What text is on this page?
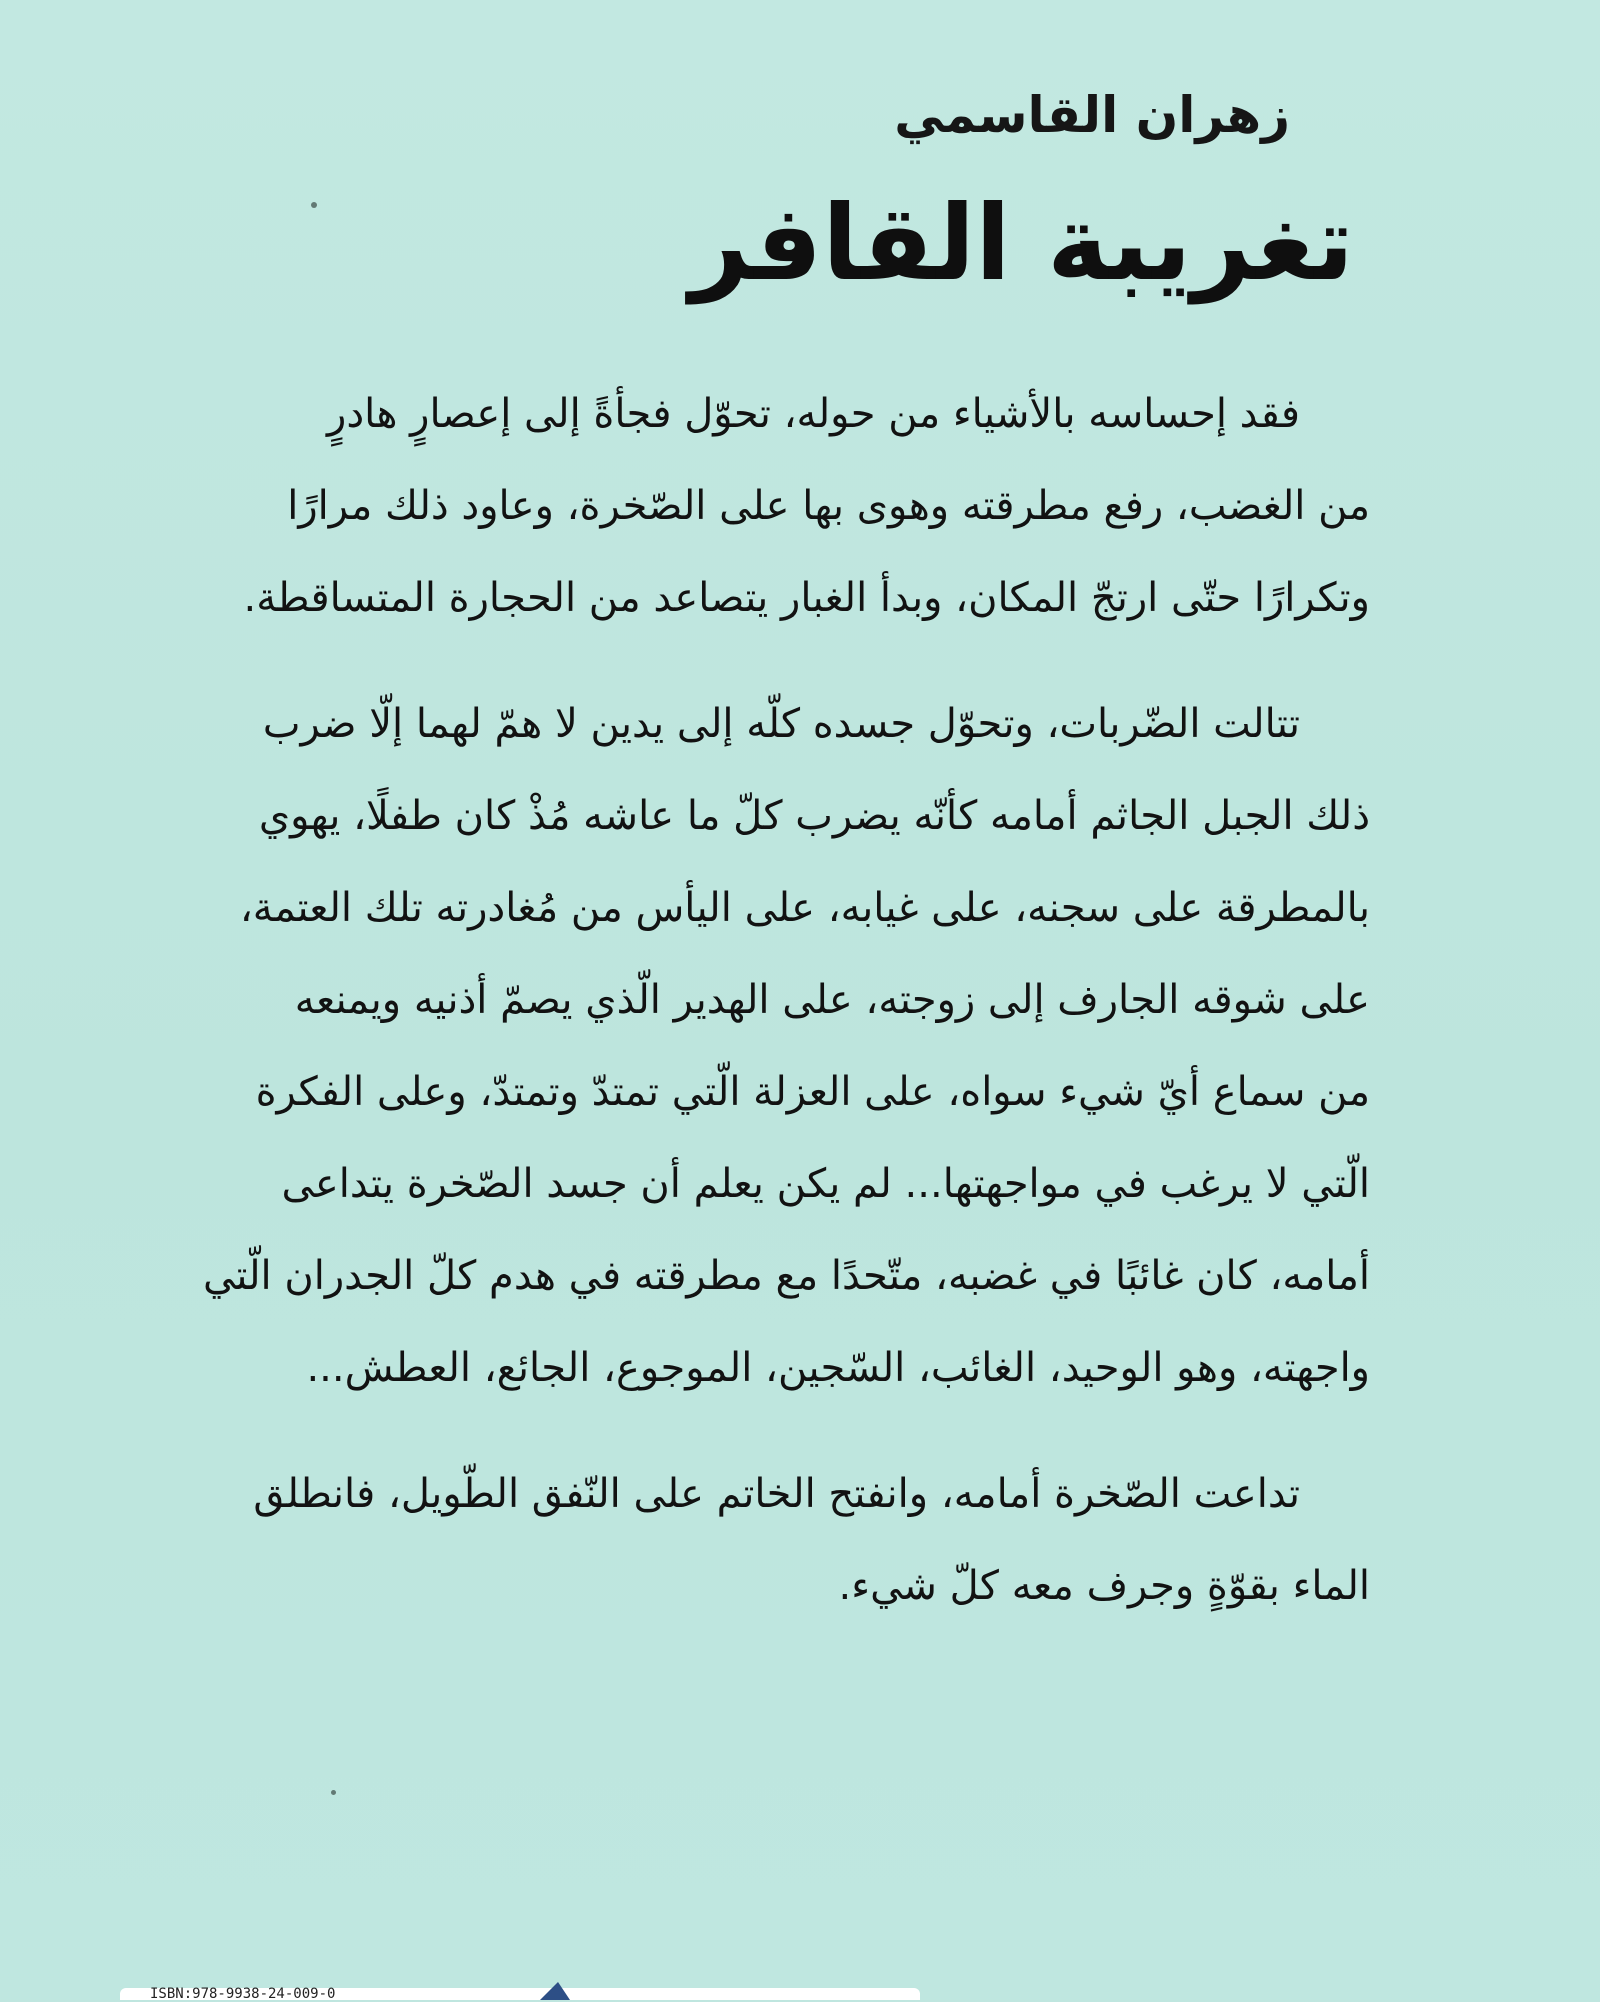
زهران القاسمي
تغريبة القافر
فقد إحساسه بالأشياء من حوله، تحوّل فجأةً إلى إعصارٍ هادرٍ
من الغضب، رفع مطرقته وهوى بها على الصّخرة، وعاود ذلك مرارًا
وتكرارًا حتّى ارتجّ المكان، وبدأ الغبار يتصاعد من الحجارة المتساقطة.
تتالت الضّربات، وتحوّل جسده كلّه إلى يدين لا همّ لهما إلّا ضرب
ذلك الجبل الجاثم أمامه كأنّه يضرب كلّ ما عاشه مُذْ كان طفلًا، يهوي
بالمطرقة على سجنه، على غيابه، على اليأس من مُغادرته تلك العتمة،
على شوقه الجارف إلى زوجته، على الهدير الّذي يصمّ أذنيه ويمنعه
من سماع أيّ شيء سواه، على العزلة الّتي تمتدّ وتمتدّ، وعلى الفكرة
الّتي لا يرغب في مواجهتها... لم يكن يعلم أن جسد الصّخرة يتداعى
أمامه، كان غائبًا في غضبه، متّحدًا مع مطرقته في هدم كلّ الجدران الّتي
واجهته، وهو الوحيد، الغائب، السّجين، الموجوع، الجائع، العطش...
تداعت الصّخرة أمامه، وانفتح الخاتم على النّفق الطّويل، فانطلق
الماء بقوّةٍ وجرف معه كلّ شيء.
ISBN:978-9938-24-009-0
